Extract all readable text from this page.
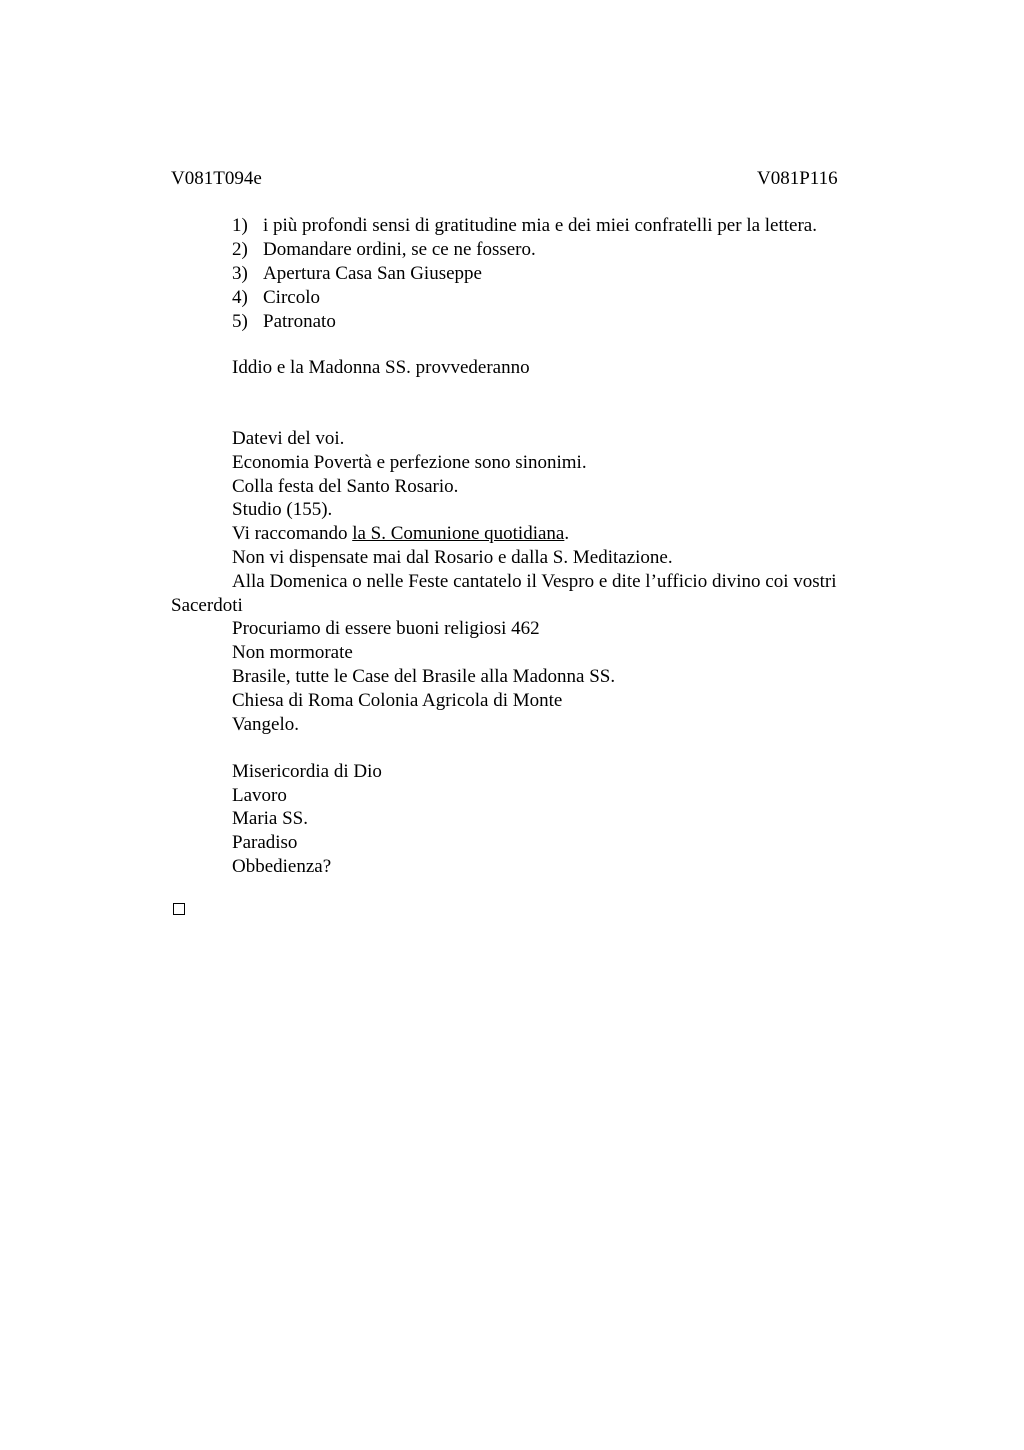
V081T094e	V081P116
1) i più profondi sensi di gratitudine mia e dei miei confratelli per la lettera.
2) Domandare ordini, se ce ne fossero.
3) Apertura Casa San Giuseppe
4) Circolo
5) Patronato
Iddio e la Madonna SS. provvederanno
Datevi del voi.
Economia Povertà e perfezione sono sinonimi.
Colla festa del Santo Rosario.
Studio (155).
Vi raccomando la S. Comunione quotidiana.
Non vi dispensate mai dal Rosario e dalla S. Meditazione.
Alla Domenica o nelle Feste cantatelo il Vespro e dite l’ufficio divino coi vostri
Sacerdoti
Procuriamo di essere buoni religiosi 462
Non mormorate
Brasile, tutte le Case del Brasile alla Madonna SS.
Chiesa di Roma Colonia Agricola di Monte
Vangelo.
Misericordia di Dio
Lavoro
Maria SS.
Paradiso
Obbedienza?
